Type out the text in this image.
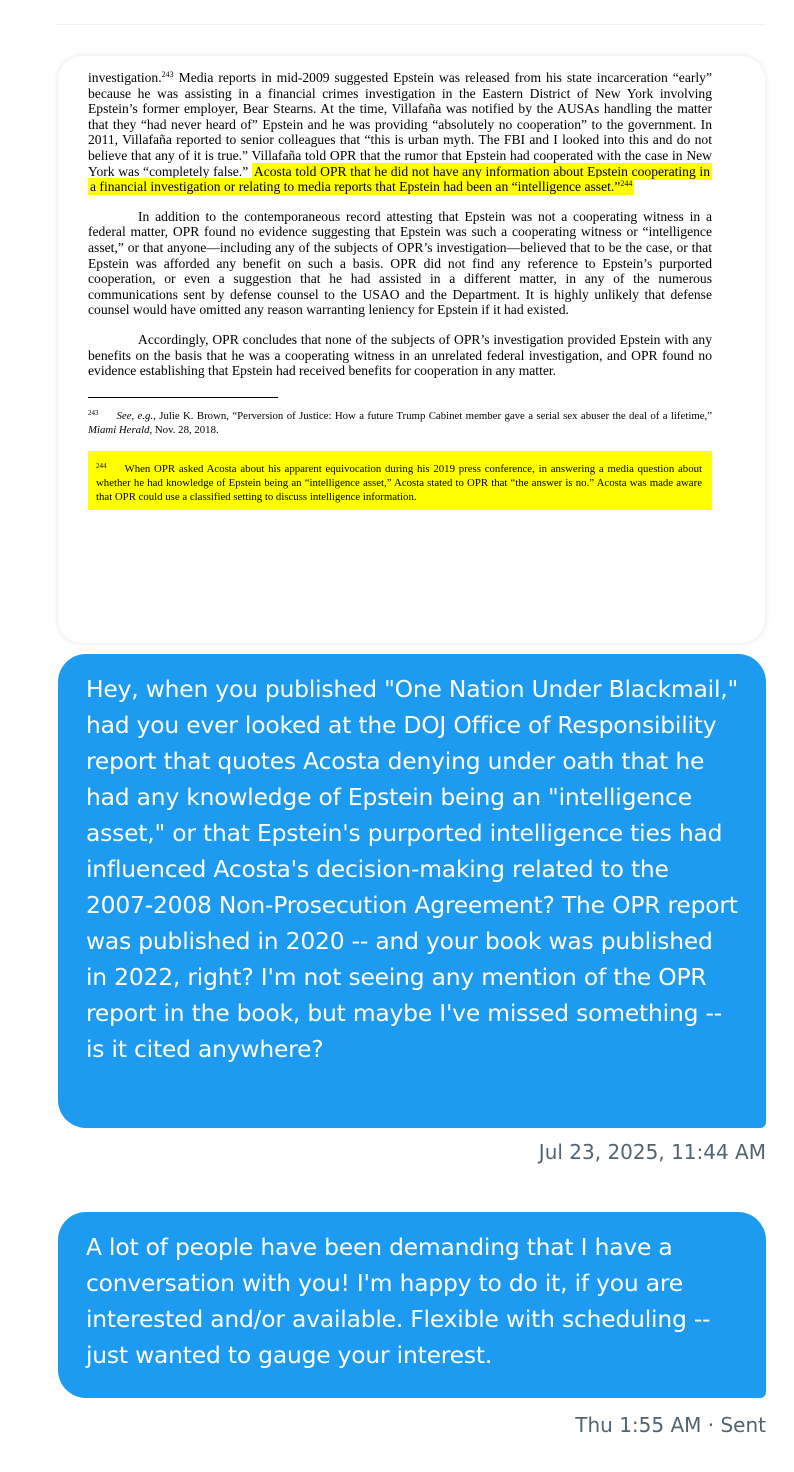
investigation.$^{243}$ Media reports in mid-2009 suggested Epstein was released from his state incarceration “early” because he was assisting in a financial crimes investigation in the Eastern District of New York involving Epstein’s former employer, Bear Stearns. At the time, Villafaña was notified by the AUSAs handling the matter that they “had never heard of” Epstein and he was providing “absolutely no cooperation” to the government. In 2011, Villafaña reported to senior colleagues that “this is urban myth. The FBI and I looked into this and do not believe that any of it is true.” Villafaña told OPR that the rumor that Epstein had cooperated with the case in New York was “completely false.” Acosta told OPR that he did not have any information about Epstein cooperating in a financial investigation or relating to media reports that Epstein had been an “intelligence asset.”$^{244}$

In addition to the contemporaneous record attesting that Epstein was not a cooperating witness in a federal matter, OPR found no evidence suggesting that Epstein was such a cooperating witness or “intelligence asset,” or that anyone—including any of the subjects of OPR’s investigation—believed that to be the case, or that Epstein was afforded any benefit on such a basis. OPR did not find any reference to Epstein’s purported cooperation, or even a suggestion that he had assisted in a different matter, in any of the numerous communications sent by defense counsel to the USAO and the Department. It is highly unlikely that defense counsel would have omitted any reason warranting leniency for Epstein if it had existed.

Accordingly, OPR concludes that none of the subjects of OPR’s investigation provided Epstein with any benefits on the basis that he was a cooperating witness in an unrelated federal investigation, and OPR found no evidence establishing that Epstein had received benefits for cooperation in any matter.

$^{243}$ See, e.g., Julie K. Brown, “Perversion of Justice: How a future Trump Cabinet member gave a serial sex abuser the deal of a lifetime,” Miami Herald, Nov. 28, 2018.

$^{244}$ When OPR asked Acosta about his apparent equivocation during his 2019 press conference, in answering a media question about whether he had knowledge of Epstein being an “intelligence asset,” Acosta stated to OPR that “the answer is no.” Acosta was made aware that OPR could use a classified setting to discuss intelligence information.

Hey, when you published "One Nation Under Blackmail," had you ever looked at the DOJ Office of Responsibility report that quotes Acosta denying under oath that he had any knowledge of Epstein being an "intelligence asset," or that Epstein's purported intelligence ties had influenced Acosta's decision-making related to the 2007-2008 Non-Prosecution Agreement? The OPR report was published in 2020 -- and your book was published in 2022, right? I'm not seeing any mention of the OPR report in the book, but maybe I've missed something -- is it cited anywhere?
Jul 23, 2025, 11:44 AM
A lot of people have been demanding that I have a conversation with you! I'm happy to do it, if you are interested and/or available. Flexible with scheduling -- just wanted to gauge your interest.
Thu 1:55 AM · Sent
